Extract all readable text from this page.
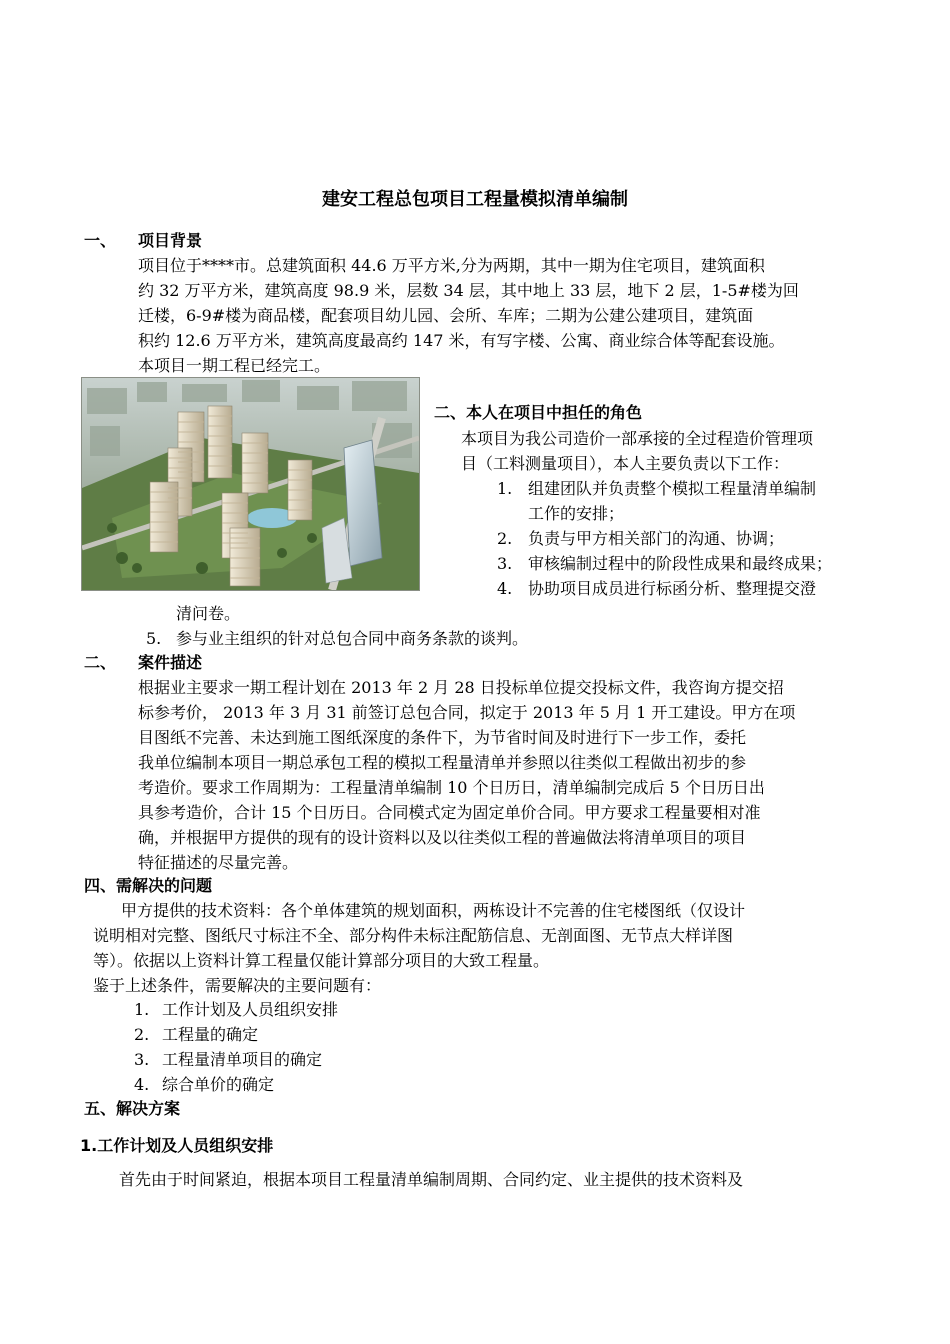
建安工程总包项目工程量模拟清单编制
一、 项目背景
项目位于****市。总建筑面积 44.6 万平方米,分为两期，其中一期为住宅项目，建筑面积
约 32 万平方米，建筑高度 98.9 米，层数 34 层，其中地上 33 层，地下 2 层，1-5#楼为回
迁楼，6-9#楼为商品楼，配套项目幼儿园、会所、车库；二期为公建公建项目，建筑面
积约 12.6 万平方米，建筑高度最高约 147 米，有写字楼、公寓、商业综合体等配套设施。
本项目一期工程已经完工。
二、本人在项目中担任的角色
本项目为我公司造价一部承接的全过程造价管理项
目（工料测量项目），本人主要负责以下工作：
1. 组建团队并负责整个模拟工程量清单编制
工作的安排；
2. 负责与甲方相关部门的沟通、协调；
3. 审核编制过程中的阶段性成果和最终成果；
4. 协助项目成员进行标函分析、整理提交澄
清问卷。
5. 参与业主组织的针对总包合同中商务条款的谈判。
二、 案件描述
根据业主要求一期工程计划在 2013 年 2 月 28 日投标单位提交投标文件，我咨询方提交招
标参考价， 2013 年 3 月 31 前签订总包合同，拟定于 2013 年 5 月 1 开工建设。甲方在项
目图纸不完善、未达到施工图纸深度的条件下，为节省时间及时进行下一步工作，委托
我单位编制本项目一期总承包工程的模拟工程量清单并参照以往类似工程做出初步的参
考造价。要求工作周期为：工程量清单编制 10 个日历日，清单编制完成后 5 个日历日出
具参考造价，合计 15 个日历日。合同模式定为固定单价合同。甲方要求工程量要相对准
确，并根据甲方提供的现有的设计资料以及以往类似工程的普遍做法将清单项目的项目
特征描述的尽量完善。
四、需解决的问题
甲方提供的技术资料：各个单体建筑的规划面积，两栋设计不完善的住宅楼图纸（仅设计
说明相对完整、图纸尺寸标注不全、部分构件未标注配筋信息、无剖面图、无节点大样详图
等）。依据以上资料计算工程量仅能计算部分项目的大致工程量。
鉴于上述条件，需要解决的主要问题有：
1. 工作计划及人员组织安排
2. 工程量的确定
3. 工程量清单项目的确定
4. 综合单价的确定
五、解决方案
1.工作计划及人员组织安排
首先由于时间紧迫，根据本项目工程量清单编制周期、合同约定、业主提供的技术资料及
